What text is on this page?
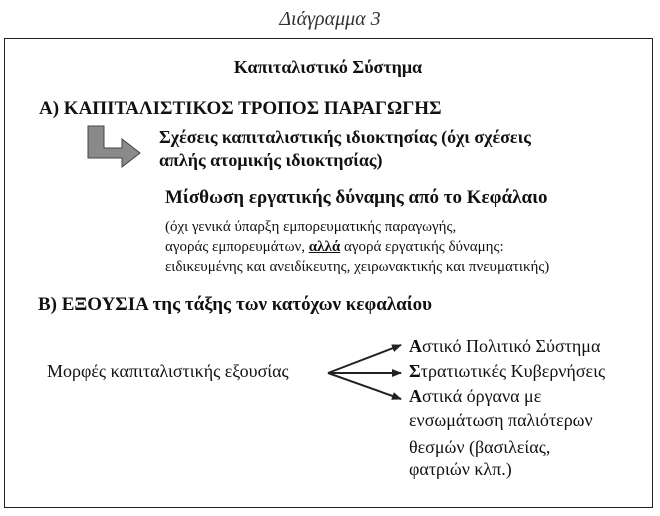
Διάγραμμα 3
Καπιταλιστικό Σύστημα
Α) ΚΑΠΙΤΑΛΙΣΤΙΚΟΣ ΤΡΟΠΟΣ ΠΑΡΑΓΩΓΗΣ
Σχέσεις καπιταλιστικής ιδιοκτησίας (όχι σχέσεις
απλής ατομικής ιδιοκτησίας)
Μίσθωση εργατικής δύναμης από το Κεφάλαιο
(όχι γενικά ύπαρξη εμπορευματικής παραγωγής,
αγοράς εμπορευμάτων, αλλά αγορά εργατικής δύναμης:
ειδικευμένης και ανειδίκευτης, χειρωνακτικής και πνευματικής)
Β) ΕΞΟΥΣΙΑ της τάξης των κατόχων κεφαλαίου
Μορφές καπιταλιστικής εξουσίας
Αστικό Πολιτικό Σύστημα
Στρατιωτικές Κυβερνήσεις
Αστικά όργανα με
ενσωμάτωση παλιότερων
θεσμών (βασιλείας,
φατριών κλπ.)
